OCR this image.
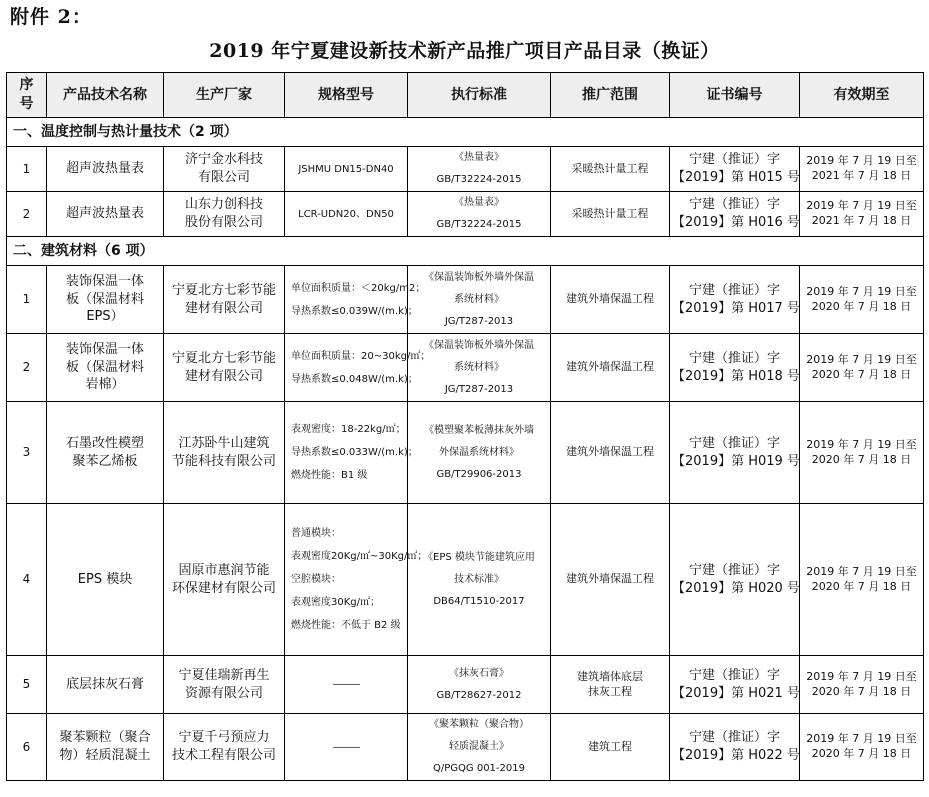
附件 2：
2019 年宁夏建设新技术新产品推广项目产品目录（换证）
序
号	产品技术名称	生产厂家	规格型号	执行标准	推广范围	证书编号	有效期至
一、温度控制与热计量技术（2 项）							
1	超声波热量表	济宁金水科技
有限公司	JSHMU DN15-DN40	《热量表》
GB/T32224-2015	采暖热计量工程	宁建（推证）字
【2019】第 H015 号	2019 年 7 月 19 日至
2021 年 7 月 18 日

2	超声波热量表	山东力创科技
股份有限公司	LCR-UDN20、DN50	《热量表》
GB/T32224-2015	采暖热计量工程	宁建（推证）字
【2019】第 H016 号	2019 年 7 月 19 日至
2021 年 7 月 18 日

二、建筑材料（6 项）							
1	装饰保温一体
板（保温材料
EPS）	宁夏北方七彩节能
建材有限公司	单位面积质量：＜20kg/m2；
导热系数≤0.039W/(m.k)；	《保温装饰板外墙外保温
系统材料》
JG/T287-2013	建筑外墙保温工程	宁建（推证）字
【2019】第 H017 号	2019 年 7 月 19 日至
2020 年 7 月 18 日

2	装饰保温一体
板（保温材料
岩棉）	宁夏北方七彩节能
建材有限公司	单位面积质量：20~30kg/㎡；
导热系数≤0.048W/(m.k)；	《保温装饰板外墙外保温
系统材料》
JG/T287-2013	建筑外墙保温工程	宁建（推证）字
【2019】第 H018 号	2019 年 7 月 19 日至
2020 年 7 月 18 日

3	石墨改性模塑
聚苯乙烯板	江苏卧牛山建筑
节能科技有限公司	表观密度：18-22kg/㎡；
导热系数≤0.033W/(m.k)；
燃烧性能：B1 级	《模塑聚苯板薄抹灰外墙
外保温系统材料》
GB/T29906-2013	建筑外墙保温工程	宁建（推证）字
【2019】第 H019 号	2019 年 7 月 19 日至
2020 年 7 月 18 日

4	EPS 模块	固原市惠润节能
环保建材有限公司	普通模块：
表观密度20Kg/㎡~30Kg/㎡；
空腔模块：
表观密度30Kg/㎡；
燃烧性能：不低于 B2 级	《EPS 模块节能建筑应用
技术标准》
DB64/T1510-2017	建筑外墙保温工程	宁建（推证）字
【2019】第 H020 号	2019 年 7 月 19 日至
2020 年 7 月 18 日

5	底层抹灰石膏	宁夏佳瑞新再生
资源有限公司	———	《抹灰石膏》
GB/T28627-2012	建筑墙体底层
抹灰工程	宁建（推证）字
【2019】第 H021 号	2019 年 7 月 19 日至
2020 年 7 月 18 日

6	聚苯颗粒（聚合
物）轻质混凝土	宁夏千弓预应力
技术工程有限公司	———	《聚苯颗粒（聚合物）
轻质混凝土》
Q/PGQG 001-2019	建筑工程	宁建（推证）字
【2019】第 H022 号	2019 年 7 月 19 日至
2020 年 7 月 18 日
